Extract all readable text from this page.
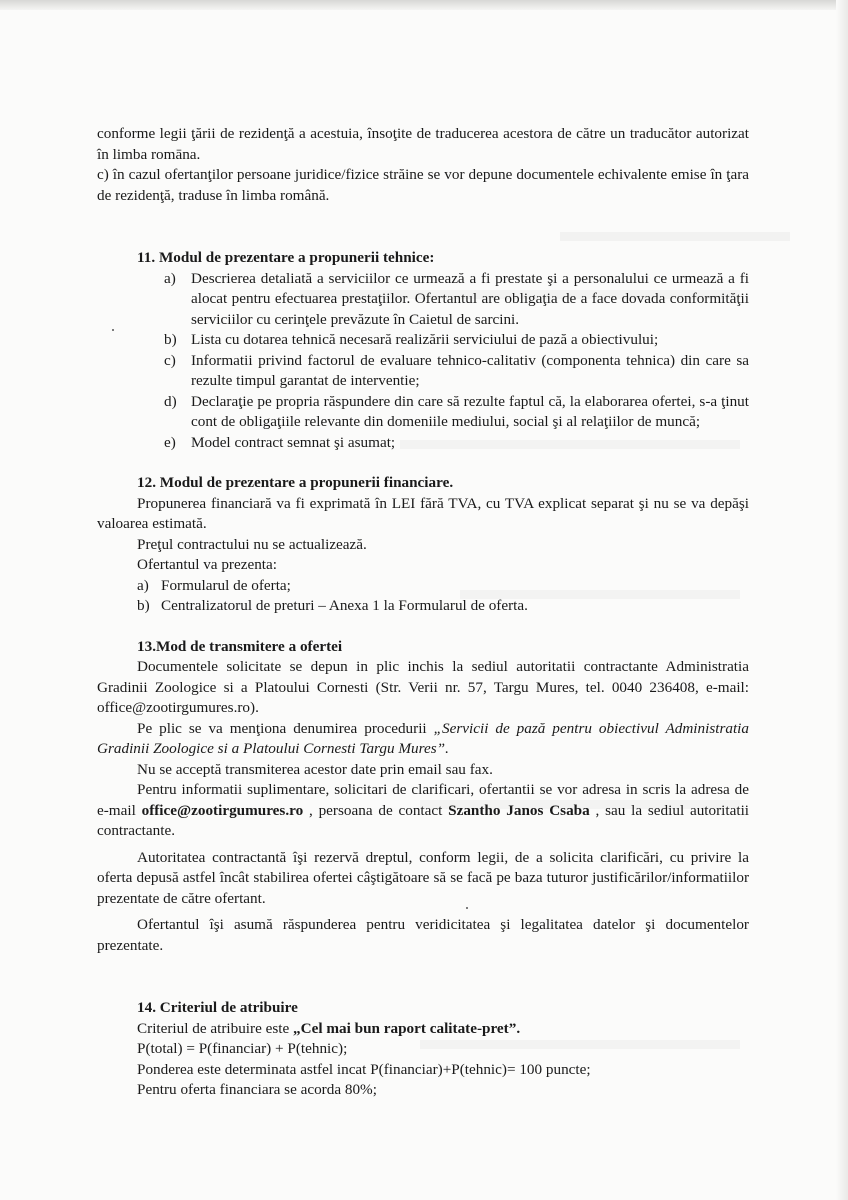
conforme legii ţării de rezidenţă a acestuia, însoţite de traducerea acestora de către un traducător autorizat în limba romāna.

c) în cazul ofertanţilor persoane juridice/fizice străine se vor depune documentele echivalente emise în ţara de rezidenţă, traduse în limba română.

11. Modul de prezentare a propunerii tehnice:

a) Descrierea detaliată a serviciilor ce urmează a fi prestate şi a personalului ce urmează a fi alocat pentru efectuarea prestaţiilor. Ofertantul are obligaţia de a face dovada conformităţii serviciilor cu cerinţele prevăzute în Caietul de sarcini.
b) Lista cu dotarea tehnică necesară realizării serviciului de pază a obiectivului;
c) Informatii privind factorul de evaluare tehnico-calitativ (componenta tehnica) din care sa rezulte timpul garantat de interventie;
d) Declaraţie pe propria răspundere din care să rezulte faptul că, la elaborarea ofertei, s-a ţinut cont de obligaţiile relevante din domeniile mediului, social şi al relaţiilor de muncă;
e) Model contract semnat şi asumat;

12. Modul de prezentare a propunerii financiare.

Propunerea financiară va fi exprimată în LEI fără TVA, cu TVA explicat separat şi nu se va depăşi valoarea estimată.

Preţul contractului nu se actualizează.

Ofertantul va prezenta:

a) Formularul de oferta;
b) Centralizatorul de preturi – Anexa 1 la Formularul de oferta.

13.Mod de transmitere a ofertei

Documentele solicitate se depun in plic inchis la sediul autoritatii contractante Administratia Gradinii Zoologice si a Platoului Cornesti (Str. Verii nr. 57, Targu Mures, tel. 0040 236408, e-mail: office@zootirgumures.ro).

Pe plic se va menţiona denumirea procedurii „Servicii de pază pentru obiectivul Administratia Gradinii Zoologice si a Platoului Cornesti Targu Mures”.

Nu se acceptă transmiterea acestor date prin email sau fax.

Pentru informatii suplimentare, solicitari de clarificari, ofertantii se vor adresa in scris la adresa de e-mail office@zootirgumures.ro , persoana de contact Szantho Janos Csaba , sau la sediul autoritatii contractante.

Autoritatea contractantă îşi rezervă dreptul, conform legii, de a solicita clarificări, cu privire la oferta depusă astfel încât stabilirea ofertei câştigătoare să se facă pe baza tuturor justificărilor/informatiilor prezentate de către ofertant.

Ofertantul îşi asumă răspunderea pentru veridicitatea şi legalitatea datelor şi documentelor prezentate.

14. Criteriul de atribuire

Criteriul de atribuire este „Cel mai bun raport calitate-pret”.

P(total) = P(financiar) + P(tehnic);

Ponderea este determinata astfel incat P(financiar)+P(tehnic)= 100 puncte;

Pentru oferta financiara se acorda 80%;
